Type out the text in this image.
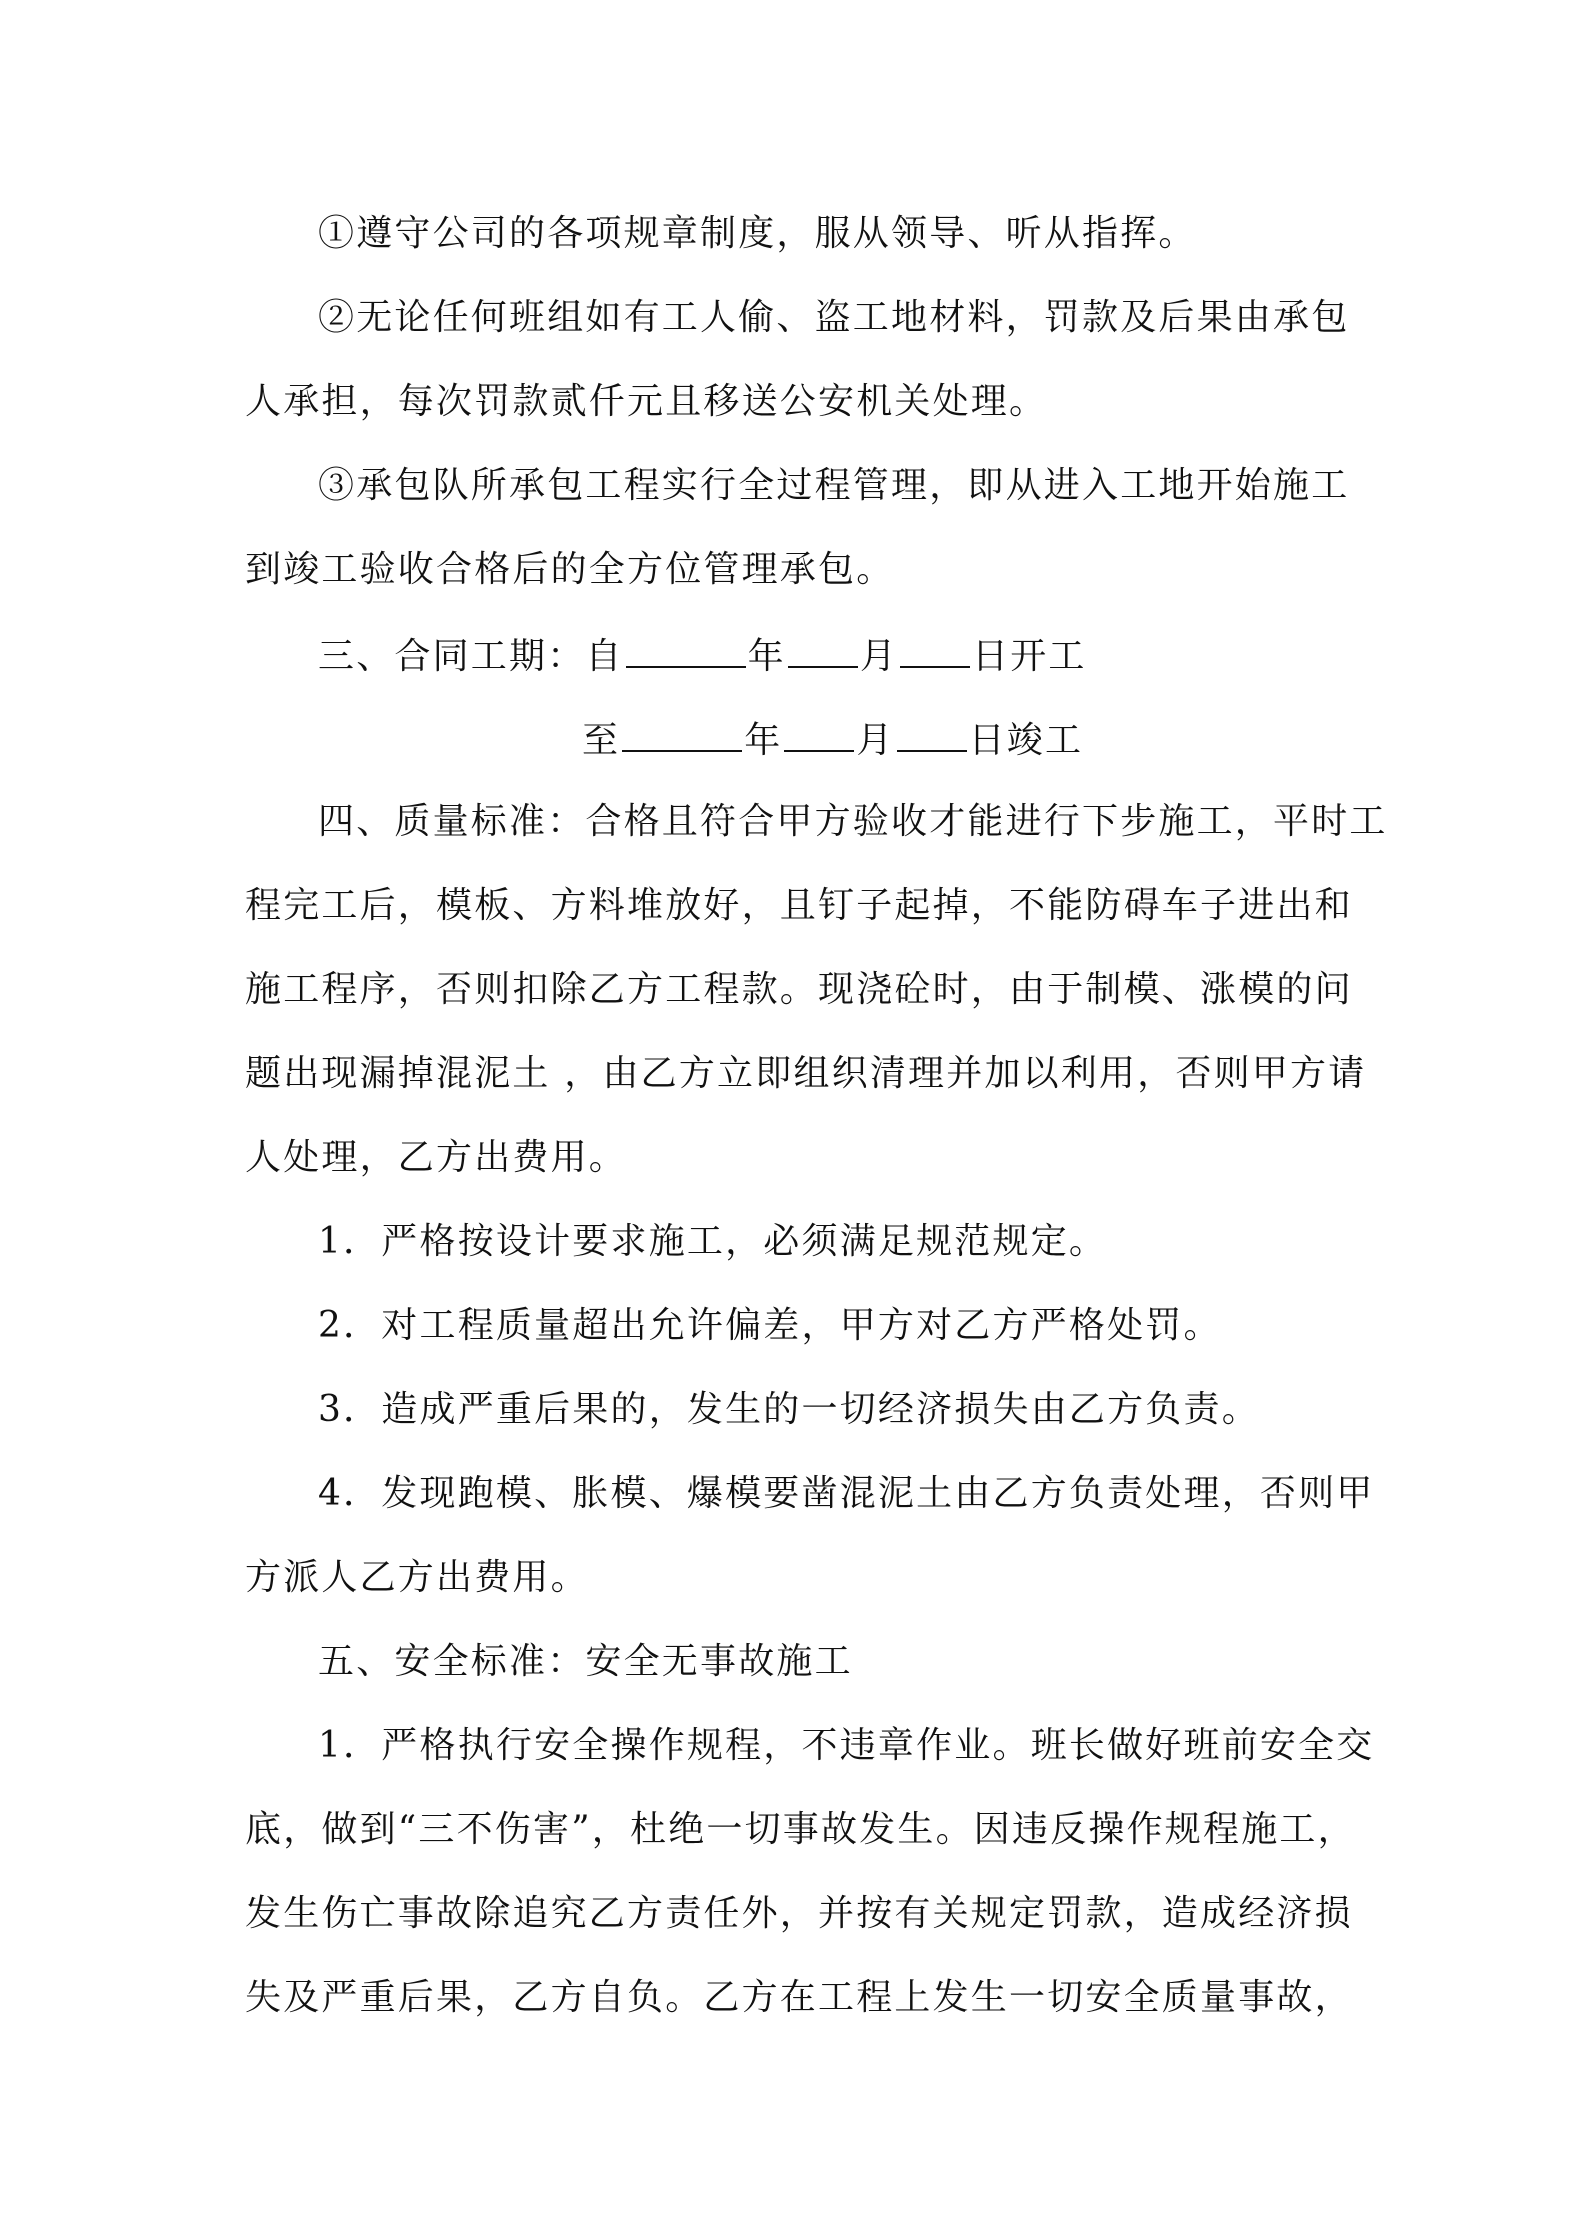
①遵守公司的各项规章制度，服从领导、听从指挥。
②无论任何班组如有工人偷、盗工地材料，罚款及后果由承包
人承担，每次罚款贰仟元且移送公安机关处理。
③承包队所承包工程实行全过程管理，即从进入工地开始施工
到竣工验收合格后的全方位管理承包。
三、合同工期：自	年 月 日开工
至	年 月 日竣工
四、质量标准：合格且符合甲方验收才能进行下步施工，平时工
程完工后，模板、方料堆放好，且钉子起掉，不能防碍车子进出和
施工程序，否则扣除乙方工程款。现浇砼时，由于制模、涨模的问
题出现漏掉混泥土 ，由乙方立即组织清理并加以利用，否则甲方请
人处理，乙方出费用。
1．严格按设计要求施工，必须满足规范规定。
2．对工程质量超出允许偏差，甲方对乙方严格处罚。
3．造成严重后果的，发生的一切经济损失由乙方负责。
4．发现跑模、胀模、爆模要凿混泥土由乙方负责处理，否则甲
方派人乙方出费用。
五、安全标准：安全无事故施工
1．严格执行安全操作规程，不违章作业。班长做好班前安全交
底，做到“三不伤害”，杜绝一切事故发生。因违反操作规程施工，
发生伤亡事故除追究乙方责任外，并按有关规定罚款，造成经济损
失及严重后果，乙方自负。乙方在工程上发生一切安全质量事故，
